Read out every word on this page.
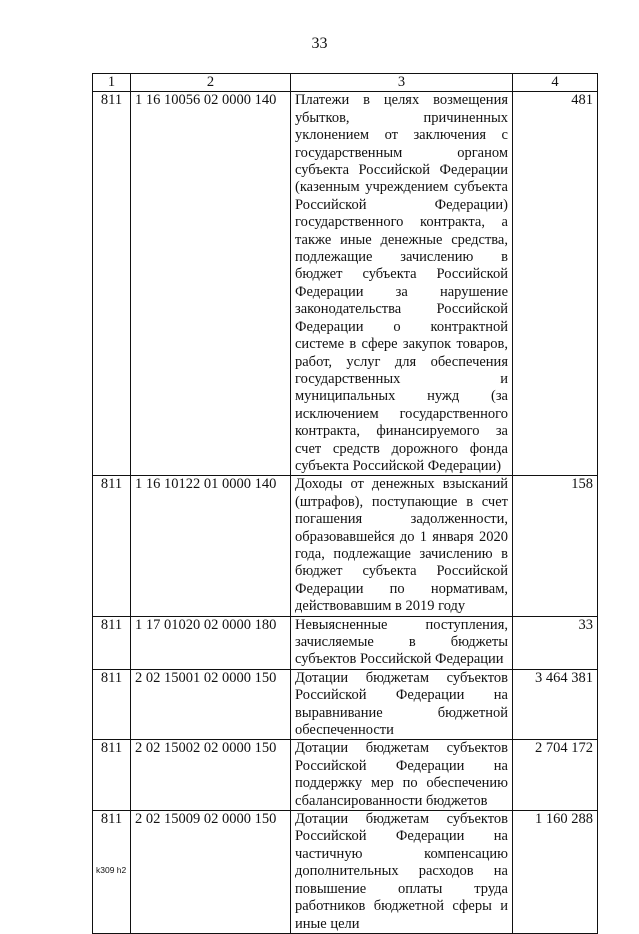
33
1	2	3	4
811	1 16 10056 02 0000 140	Платежи в целях возмещения убытков, причиненных уклонением от заключения с государственным органом субъекта Российской Федерации (казенным учреждением субъекта Российской Федерации) государственного контракта, а также иные денежные средства, подлежащие зачислению в бюджет субъекта Российской Федерации за нарушение законодательства Российской Федерации о контрактной системе в сфере закупок товаров, работ, услуг для обеспечения государственных и муниципальных нужд (за исключением государственного контракта, финансируемого за счет средств дорожного фонда субъекта Российской Федерации)	481
811	1 16 10122 01 0000 140	Доходы от денежных взысканий (штрафов), поступающие в счет погашения задолженности, образовавшейся до 1 января 2020 года, подлежащие зачислению в бюджет субъекта Российской Федерации по нормативам, действовавшим в 2019 году	158
811	1 17 01020 02 0000 180	Невыясненные поступления, зачисляемые в бюджеты субъектов Российской Федерации	33
811	2 02 15001 02 0000 150	Дотации бюджетам субъектов Российской Федерации на выравнивание бюджетной обеспеченности	3 464 381
811	2 02 15002 02 0000 150	Дотации бюджетам субъектов Российской Федерации на поддержку мер по обеспечению сбалансированности бюджетов	2 704 172
811	2 02 15009 02 0000 150	Дотации бюджетам субъектов Российской Федерации на частичную компенсацию дополнительных расходов на повышение оплаты труда работников бюджетной сферы и иные цели	1 160 288
k309 h2
